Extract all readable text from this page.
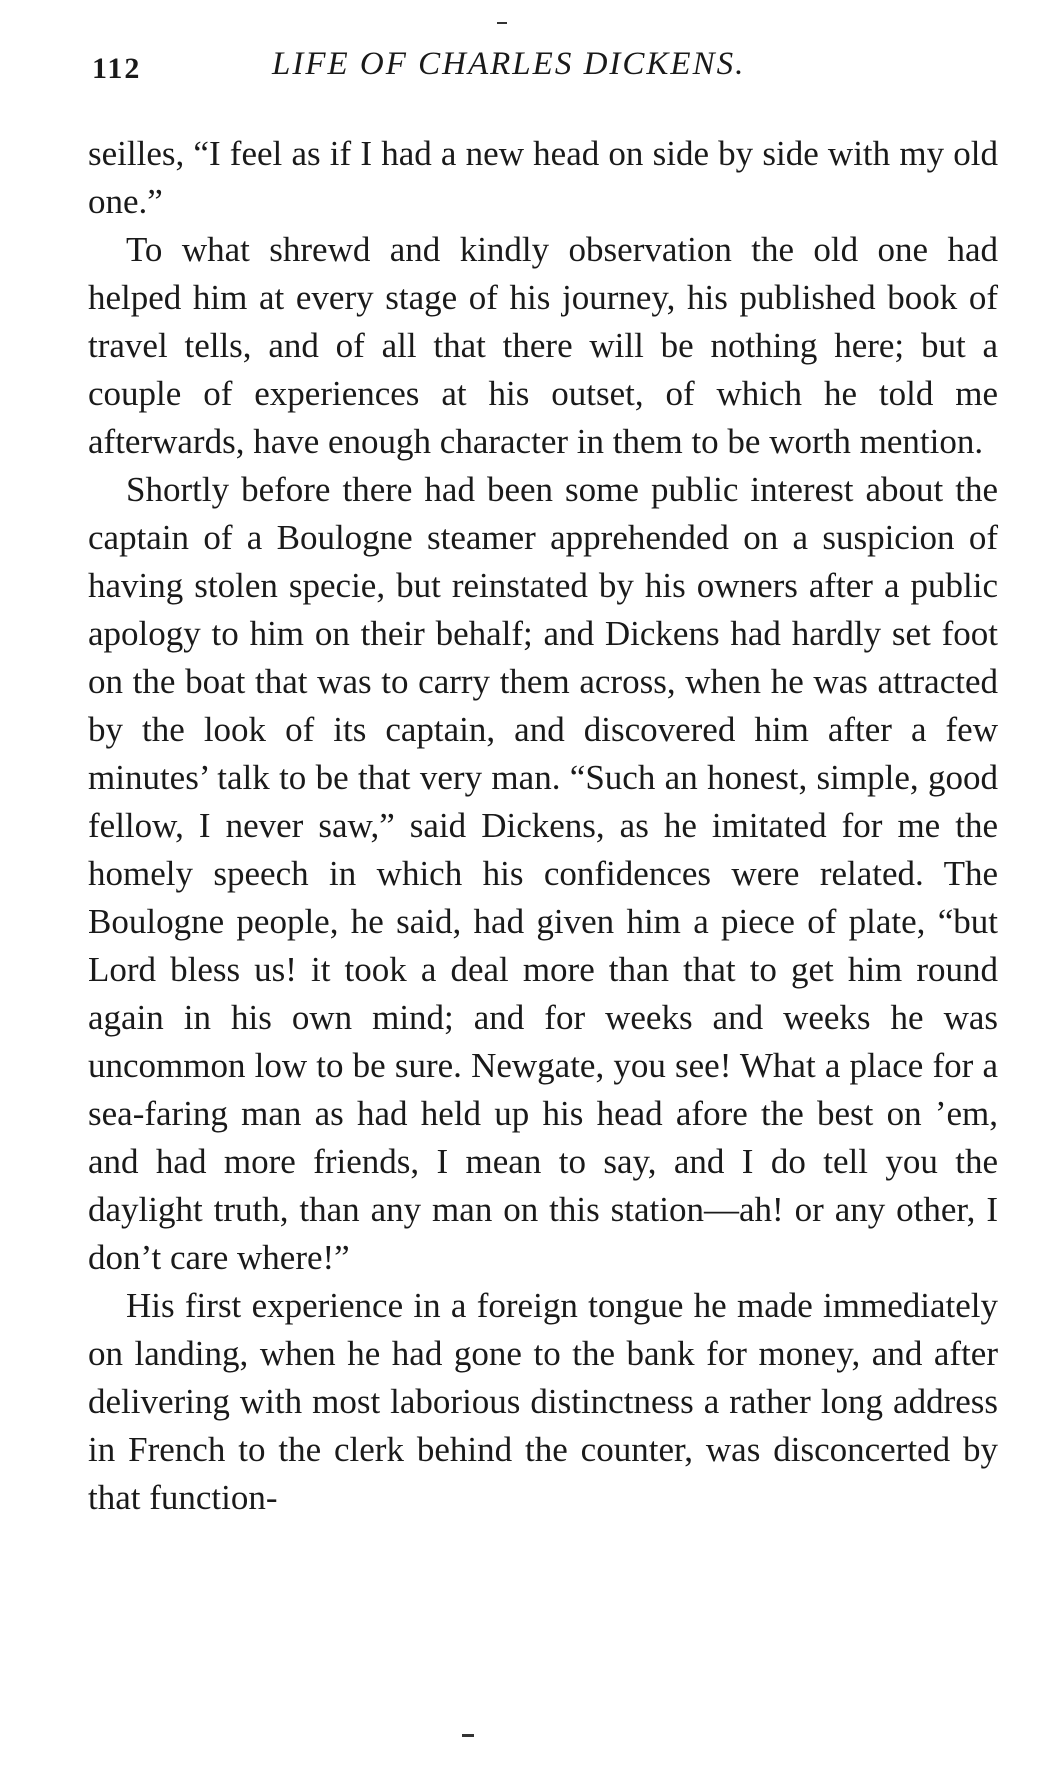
112	LIFE OF CHARLES DICKENS.

seilles, “I feel as if I had a new head on side by side with my old one.”

To what shrewd and kindly observation the old one had helped him at every stage of his journey, his published book of travel tells, and of all that there will be nothing here; but a couple of experiences at his outset, of which he told me afterwards, have enough character in them to be worth mention.

Shortly before there had been some public interest about the captain of a Boulogne steamer apprehended on a suspicion of having stolen specie, but reinstated by his owners after a public apology to him on their behalf; and Dickens had hardly set foot on the boat that was to carry them across, when he was attracted by the look of its captain, and discovered him after a few minutes’ talk to be that very man. “Such an honest, simple, good fellow, I never saw,” said Dickens, as he imitated for me the homely speech in which his confidences were related. The Boulogne people, he said, had given him a piece of plate, “but Lord bless us! it took a deal more than that to get him round again in his own mind; and for weeks and weeks he was uncommon low to be sure. Newgate, you see! What a place for a sea-faring man as had held up his head afore the best on ’em, and had more friends, I mean to say, and I do tell you the daylight truth, than any man on this station—ah! or any other, I don’t care where!”

His first experience in a foreign tongue he made immediately on landing, when he had gone to the bank for money, and after delivering with most laborious distinctness a rather long address in French to the clerk behind the counter, was disconcerted by that function-
